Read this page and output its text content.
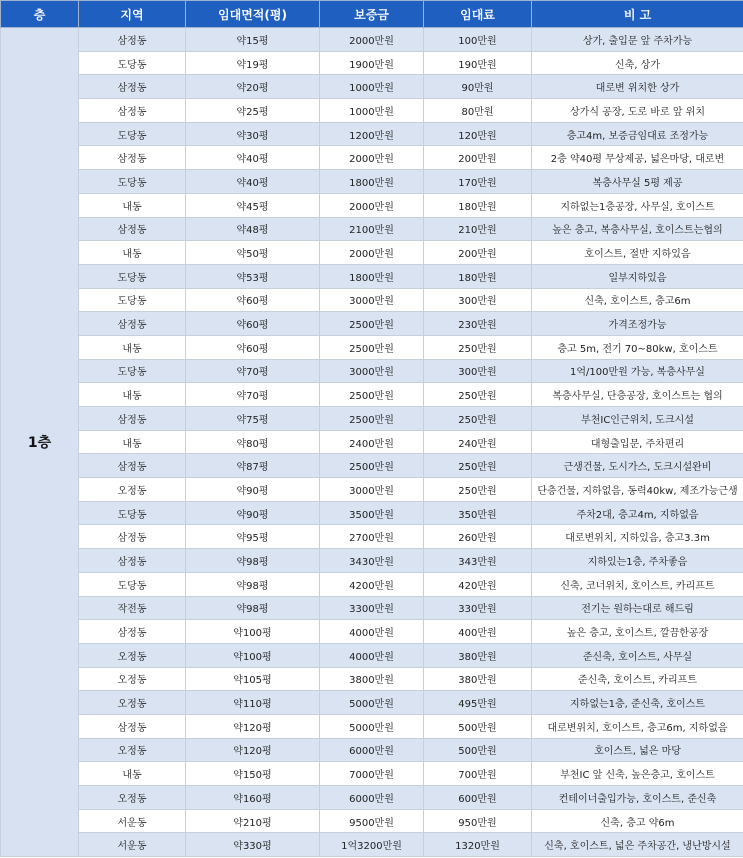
층	지역	임대면적(평)	보증금	임대료	비 고
1층	삼정동	약15평	2000만원	100만원	상가, 출입문 앞 주차가능
	도당동	약19평	1900만원	190만원	신축, 상가
	삼정동	약20평	1000만원	90만원	대로변 위치한 상가
	삼정동	약25평	1000만원	80만원	상가식 공장, 도로 바로 앞 위치
	도당동	약30평	1200만원	120만원	층고4m, 보증금임대료 조정가능
	삼정동	약40평	2000만원	200만원	2층 약40평 무상제공, 넓은마당, 대로변
	도당동	약40평	1800만원	170만원	복층사무실 5평 제공
	내동	약45평	2000만원	180만원	지하없는1층공장, 사무실, 호이스트
	삼정동	약48평	2100만원	210만원	높은 층고, 복층사무실, 호이스트는협의
	내동	약50평	2000만원	200만원	호이스트, 절반 지하있음
	도당동	약53평	1800만원	180만원	일부지하있음
	도당동	약60평	3000만원	300만원	신축, 호이스트, 층고6m
	삼정동	약60평	2500만원	230만원	가격조정가능
	내동	약60평	2500만원	250만원	층고 5m, 전기 70~80kw, 호이스트
	도당동	약70평	3000만원	300만원	1억/100만원 가능, 복층사무실
	내동	약70평	2500만원	250만원	복층사무실, 단층공장, 호이스트는 협의
	삼정동	약75평	2500만원	250만원	부천IC인근위치, 도크시설
	내동	약80평	2400만원	240만원	대형출입문, 주차편리
	삼정동	약87평	2500만원	250만원	근생건물, 도시가스, 도크시설완비
	오정동	약90평	3000만원	250만원	단층건물, 지하없음, 동력40kw, 제조가능근생
	도당동	약90평	3500만원	350만원	주차2대, 층고4m, 지하없음
	삼정동	약95평	2700만원	260만원	대로변위치, 지하있음, 층고3.3m
	삼정동	약98평	3430만원	343만원	지하있는1층, 주차좋음
	도당동	약98평	4200만원	420만원	신축, 코너위치, 호이스트, 카리프트
	작전동	약98평	3300만원	330만원	전기는 원하는대로 해드림
	삼정동	약100평	4000만원	400만원	높은 층고, 호이스트, 깔끔한공장
	오정동	약100평	4000만원	380만원	준신축, 호이스트, 사무실
	오정동	약105평	3800만원	380만원	준신축, 호이스트, 카리프트
	오정동	약110평	5000만원	495만원	지하없는1층, 준신축, 호이스트
	삼정동	약120평	5000만원	500만원	대로변위치, 호이스트, 층고6m, 지하없음
	오정동	약120평	6000만원	500만원	호이스트, 넓은 마당
	내동	약150평	7000만원	700만원	부천IC 앞 신축, 높은층고, 호이스트
	오정동	약160평	6000만원	600만원	컨테이너출입가능, 호이스트, 준신축
	서운동	약210평	9500만원	950만원	신축, 층고 약6m
	서운동	약330평	1억3200만원	1320만원	신축, 호이스트, 넓은 주차공간, 냉난방시설
